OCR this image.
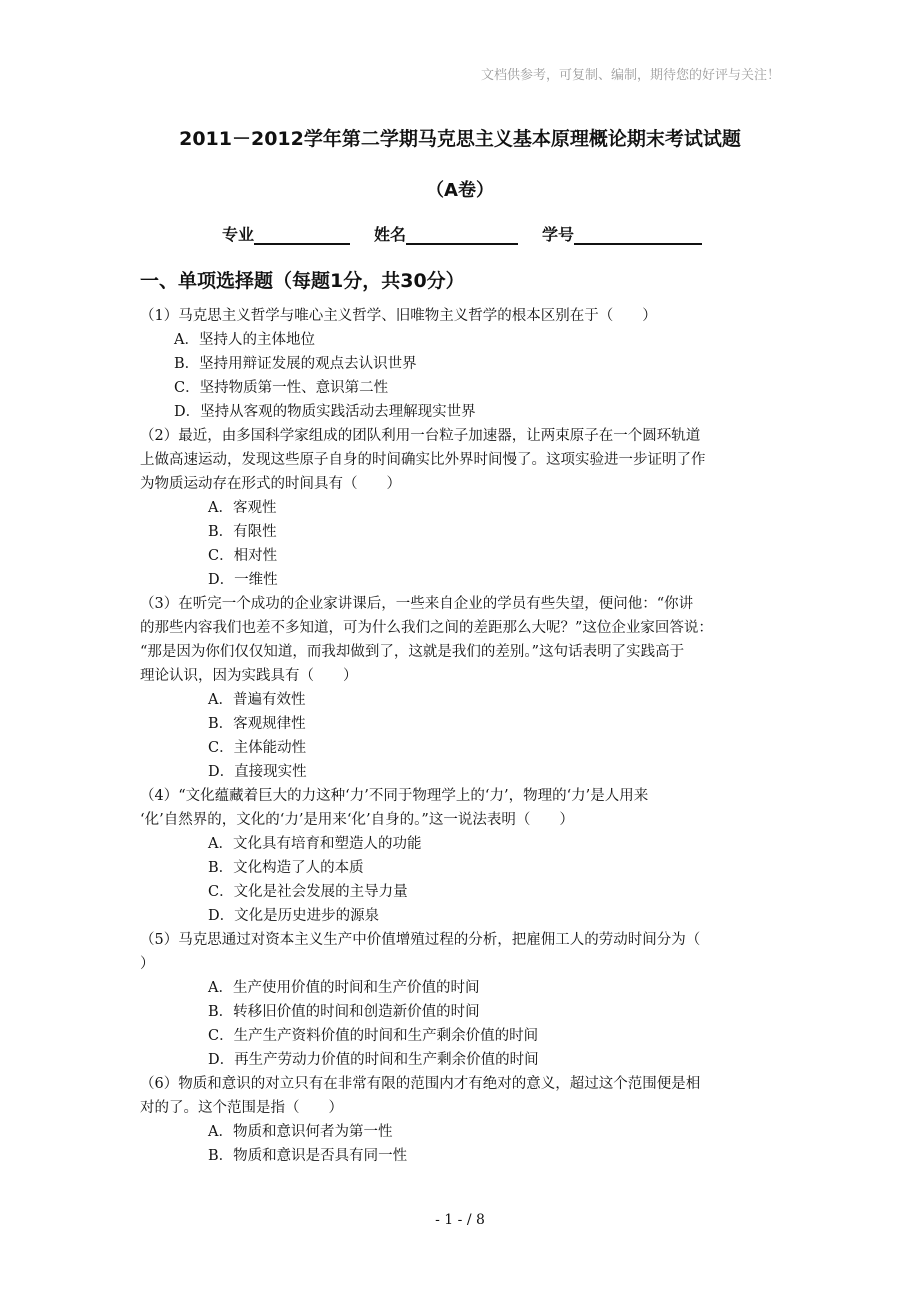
文档供参考，可复制、编制，期待您的好评与关注！
2011－2012学年第二学期马克思主义基本原理概论期末考试试题
（A卷）
专业	姓名	学号
一、单项选择题（每题1分，共30分）
（1）马克思主义哲学与唯心主义哲学、旧唯物主义哲学的根本区别在于（　　）
A．坚持人的主体地位
B．坚持用辩证发展的观点去认识世界
C．坚持物质第一性、意识第二性
D．坚持从客观的物质实践活动去理解现实世界
（2）最近，由多国科学家组成的团队利用一台粒子加速器，让两束原子在一个圆环轨道
上做高速运动，发现这些原子自身的时间确实比外界时间慢了。这项实验进一步证明了作
为物质运动存在形式的时间具有（　　）
A．客观性
B．有限性
C．相对性
D．一维性
（3）在听完一个成功的企业家讲课后，一些来自企业的学员有些失望，便问他：“你讲
的那些内容我们也差不多知道，可为什么我们之间的差距那么大呢？”这位企业家回答说：
“那是因为你们仅仅知道，而我却做到了，这就是我们的差别。”这句话表明了实践高于
理论认识，因为实践具有（　　）
A．普遍有效性
B．客观规律性
C．主体能动性
D．直接现实性
（4）“文化蕴藏着巨大的力这种‘力’不同于物理学上的‘力’，物理的‘力’是人用来
‘化’自然界的，文化的‘力’是用来‘化’自身的。”这一说法表明（　　）
A．文化具有培育和塑造人的功能
B．文化构造了人的本质
C．文化是社会发展的主导力量
D．文化是历史进步的源泉
（5）马克思通过对资本主义生产中价值增殖过程的分析，把雇佣工人的劳动时间分为（
）
A．生产使用价值的时间和生产价值的时间
B．转移旧价值的时间和创造新价值的时间
C．生产生产资料价值的时间和生产剩余价值的时间
D．再生产劳动力价值的时间和生产剩余价值的时间
（6）物质和意识的对立只有在非常有限的范围内才有绝对的意义，超过这个范围便是相
对的了。这个范围是指（　　）
A．物质和意识何者为第一性
B．物质和意识是否具有同一性
- 1 - / 8
